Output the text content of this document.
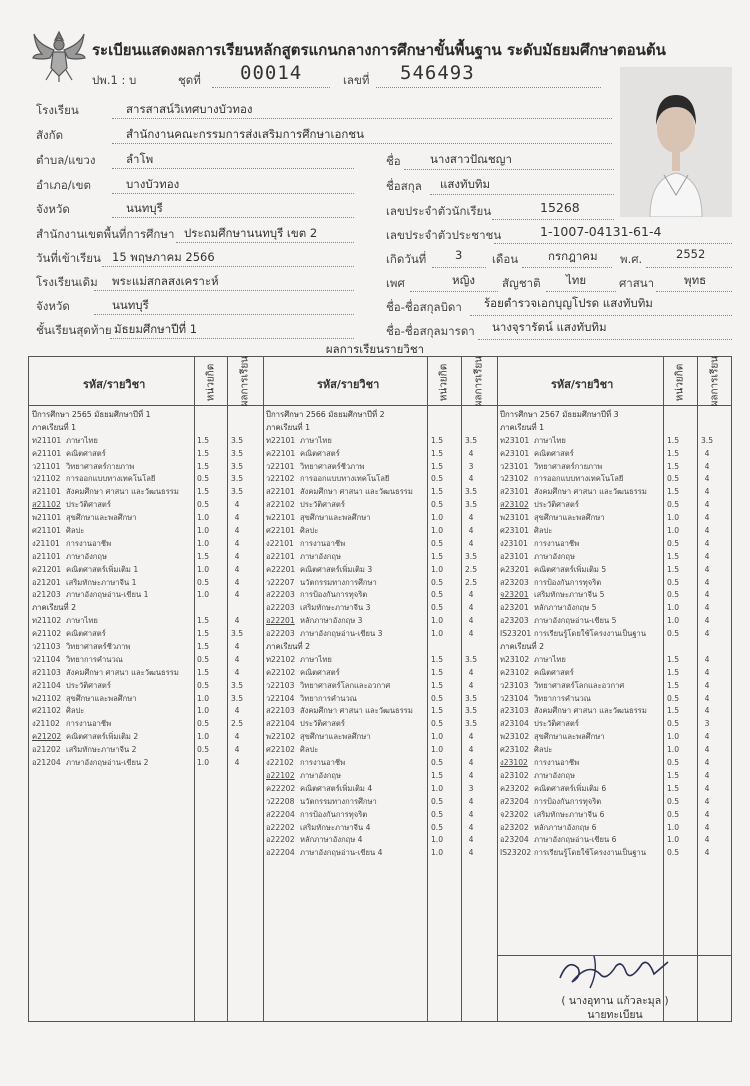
ระเบียนแสดงผลการเรียนหลักสูตรแกนกลางการศึกษาขั้นพื้นฐาน ระดับมัธยมศึกษาตอนต้น
ปพ.1 : บ	ชุดที่ 00014	เลขที่ 546493
โรงเรียน	สารสาสน์วิเทศบางบัวทอง
สังกัด	สำนักงานคณะกรรมการส่งเสริมการศึกษาเอกชน
ตำบล/แขวง	ลำโพ
อำเภอ/เขต	บางบัวทอง
จังหวัด	นนทบุรี
สำนักงานเขตพื้นที่การศึกษา ประถมศึกษานนทบุรี เขต 2
วันที่เข้าเรียน 15 พฤษภาคม 2566
โรงเรียนเดิม พระแม่สกลสงเคราะห์
จังหวัด	นนทบุรี
ชั้นเรียนสุดท้าย มัธยมศึกษาปีที่ 1
ชื่อ	นางสาวปัณชญา
ชื่อสกุล แสงทับทิม
เลขประจำตัวนักเรียน	15268
เลขประจำตัวประชาชน	1-1007-04131-61-4
เกิดวันที่ 3	เดือน	กรกฎาคม พ.ศ.	2552
เพศ	หญิง สัญชาติ ไทย	ศาสนา	พุทธ
ชื่อ-ชื่อสกุลบิดา ร้อยตำรวจเอกบุญโปรด แสงทับทิม
ชื่อ-ชื่อสกุลมารดา นางจุรารัตน์ แสงทับทิม
ผลการเรียนรายวิชา
รหัส/รายวิชา	หน่วยกิต ผลการเรียน	รหัส/รายวิชา	หน่วยกิต ผลการเรียน	รหัส/รายวิชา	หน่วยกิต ผลการเรียน
ปีการศึกษา 2565 มัธยมศึกษาปีที่ 1
ภาคเรียนที่ 1
ท21101 ภาษาไทย	1.5	3.5
ค21101 คณิตศาสตร์	1.5	3.5
ว21101 วิทยาศาสตร์กายภาพ	1.5	3.5
ว21102 การออกแบบทางเทคโนโลยี	0.5	3.5
ส21101 สังคมศึกษา ศาสนา และวัฒนธรรม	1.5	3.5
ส21102 ประวัติศาสตร์	0.5	4
พ21101 สุขศึกษาและพลศึกษา	1.0	4
ศ21101 ศิลปะ	1.0	4
ง21101 การงานอาชีพ	1.0	4
อ21101 ภาษาอังกฤษ	1.5	4
ค21201 คณิตศาสตร์เพิ่มเติม 1	1.0	4
อ21201 เสริมทักษะภาษาจีน 1	0.5	4
อ21203 ภาษาอังกฤษอ่าน-เขียน 1	1.0	4
ภาคเรียนที่ 2
ท21102 ภาษาไทย	1.5	4
ค21102 คณิตศาสตร์	1.5	3.5
ว21103 วิทยาศาสตร์ชีวภาพ	1.5	4
ว21104 วิทยาการคำนวณ	0.5	4
ส21103 สังคมศึกษา ศาสนา และวัฒนธรรม	1.5	4
ส21104 ประวัติศาสตร์	0.5	3.5
พ21102 สุขศึกษาและพลศึกษา	1.0	3.5
ศ21102 ศิลปะ	1.0	4
ง21102 การงานอาชีพ	0.5	2.5
ค21202 คณิตศาสตร์เพิ่มเติม 2	1.0	4
อ21202 เสริมทักษะภาษาจีน 2	0.5	4
อ21204 ภาษาอังกฤษอ่าน-เขียน 2	1.0	4
ปีการศึกษา 2566 มัธยมศึกษาปีที่ 2
ภาคเรียนที่ 1
ท22101 ภาษาไทย	1.5	3.5
ค22101 คณิตศาสตร์	1.5	4
ว22101 วิทยาศาสตร์ชีวภาพ	1.5	3
ว22102 การออกแบบทางเทคโนโลยี	0.5	4
ส22101 สังคมศึกษา ศาสนา และวัฒนธรรม	1.5	3.5
ส22102 ประวัติศาสตร์	0.5	3.5
พ22101 สุขศึกษาและพลศึกษา	1.0	4
ศ22101 ศิลปะ	1.0	4
ง22101 การงานอาชีพ	0.5	4
อ22101 ภาษาอังกฤษ	1.5	3.5
ค22201 คณิตศาสตร์เพิ่มเติม 3	1.0	2.5
ว22207 นวัตกรรมทางการศึกษา	0.5	2.5
ส22203 การป้องกันการทุจริต	0.5	4
อ22203 เสริมทักษะภาษาจีน 3	0.5	4
อ22201 หลักภาษาอังกฤษ 3	1.0	4
อ22203 ภาษาอังกฤษอ่าน-เขียน 3	1.0	4
ภาคเรียนที่ 2
ท22102 ภาษาไทย	1.5	3.5
ค22102 คณิตศาสตร์	1.5	4
ว22103 วิทยาศาสตร์โลกและอวกาศ	1.5	4
ว22104 วิทยาการคำนวณ	0.5	3.5
ส22103 สังคมศึกษา ศาสนา และวัฒนธรรม	1.5	3.5
ส22104 ประวัติศาสตร์	0.5	3.5
พ22102 สุขศึกษาและพลศึกษา	1.0	4
ศ22102 ศิลปะ	1.0	4
ง22102 การงานอาชีพ	0.5	4
อ22102 ภาษาอังกฤษ	1.5	4
ค22202 คณิตศาสตร์เพิ่มเติม 4	1.0	3
ว22208 นวัตกรรมทางการศึกษา	0.5	4
ส22204 การป้องกันการทุจริต	0.5	4
อ22202 เสริมทักษะภาษาจีน 4	0.5	4
อ22202 หลักภาษาอังกฤษ 4	1.0	4
อ22204 ภาษาอังกฤษอ่าน-เขียน 4	1.0	4
ปีการศึกษา 2567 มัธยมศึกษาปีที่ 3
ภาคเรียนที่ 1
ท23101 ภาษาไทย	1.5	3.5
ค23101 คณิตศาสตร์	1.5	4
ว23101 วิทยาศาสตร์กายภาพ	1.5	4
ว23102 การออกแบบทางเทคโนโลยี	0.5	4
ส23101 สังคมศึกษา ศาสนา และวัฒนธรรม	1.5	4
ส23102 ประวัติศาสตร์	0.5	4
พ23101 สุขศึกษาและพลศึกษา	1.0	4
ศ23101 ศิลปะ	1.0	4
ง23101 การงานอาชีพ	0.5	4
อ23101 ภาษาอังกฤษ	1.5	4
ค23201 คณิตศาสตร์เพิ่มเติม 5	1.5	4
ส23203 การป้องกันการทุจริต	0.5	4
จ23201 เสริมทักษะภาษาจีน 5	0.5	4
อ23201 หลักภาษาอังกฤษ 5	1.0	4
อ23203 ภาษาอังกฤษอ่าน-เขียน 5	1.0	4
IS23201 การเรียนรู้โดยใช้โครงงานเป็นฐาน	0.5	4
ภาคเรียนที่ 2
ท23102 ภาษาไทย	1.5	4
ค23102 คณิตศาสตร์	1.5	4
ว23103 วิทยาศาสตร์โลกและอวกาศ	1.5	4
ว23104 วิทยาการคำนวณ	0.5	4
ส23103 สังคมศึกษา ศาสนา และวัฒนธรรม	1.5	4
ส23104 ประวัติศาสตร์	0.5	3
พ23102 สุขศึกษาและพลศึกษา	1.0	4
ศ23102 ศิลปะ	1.0	4
ง23102 การงานอาชีพ	0.5	4
อ23102 ภาษาอังกฤษ	1.5	4
ค23202 คณิตศาสตร์เพิ่มเติม 6	1.5	4
ส23204 การป้องกันการทุจริต	0.5	4
จ23202 เสริมทักษะภาษาจีน 6	0.5	4
อ23202 หลักภาษาอังกฤษ 6	1.0	4
อ23204 ภาษาอังกฤษอ่าน-เขียน 6	1.0	4
IS23202 การเรียนรู้โดยใช้โครงงานเป็นฐาน	0.5	4
( นางอุทาน แก้วละมุล )
นายทะเบียน
